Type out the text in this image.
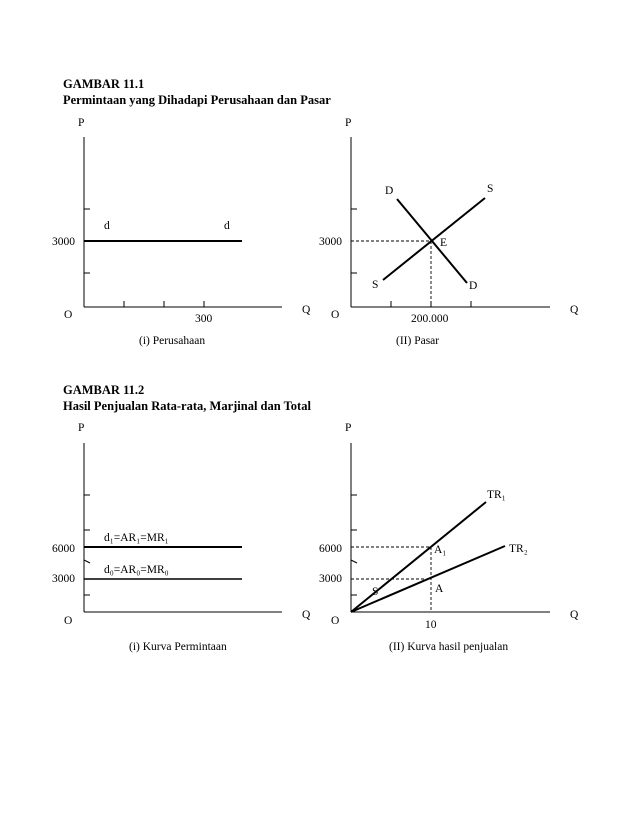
GAMBAR 11.1

Permintaan yang Dihadapi Perusahaan dan Pasar

GAMBAR 11.2

Hasil Penjualan Rata-rata, Marjinal dan Total

P
Q
O
3000
300
d	d
(i) Perusahaan
P
Q
O
3000
200.000
D
D
S
S
E
(II) Pasar
P
Q
O
6000
3000
d₁=AR₁=MR₁
d₀=AR₀=MR₀
(i) Kurva Permintaan
P
Q
O
6000
3000
10
TR₁
TR₂
A₁
A
S
(II) Kurva hasil penjualan
